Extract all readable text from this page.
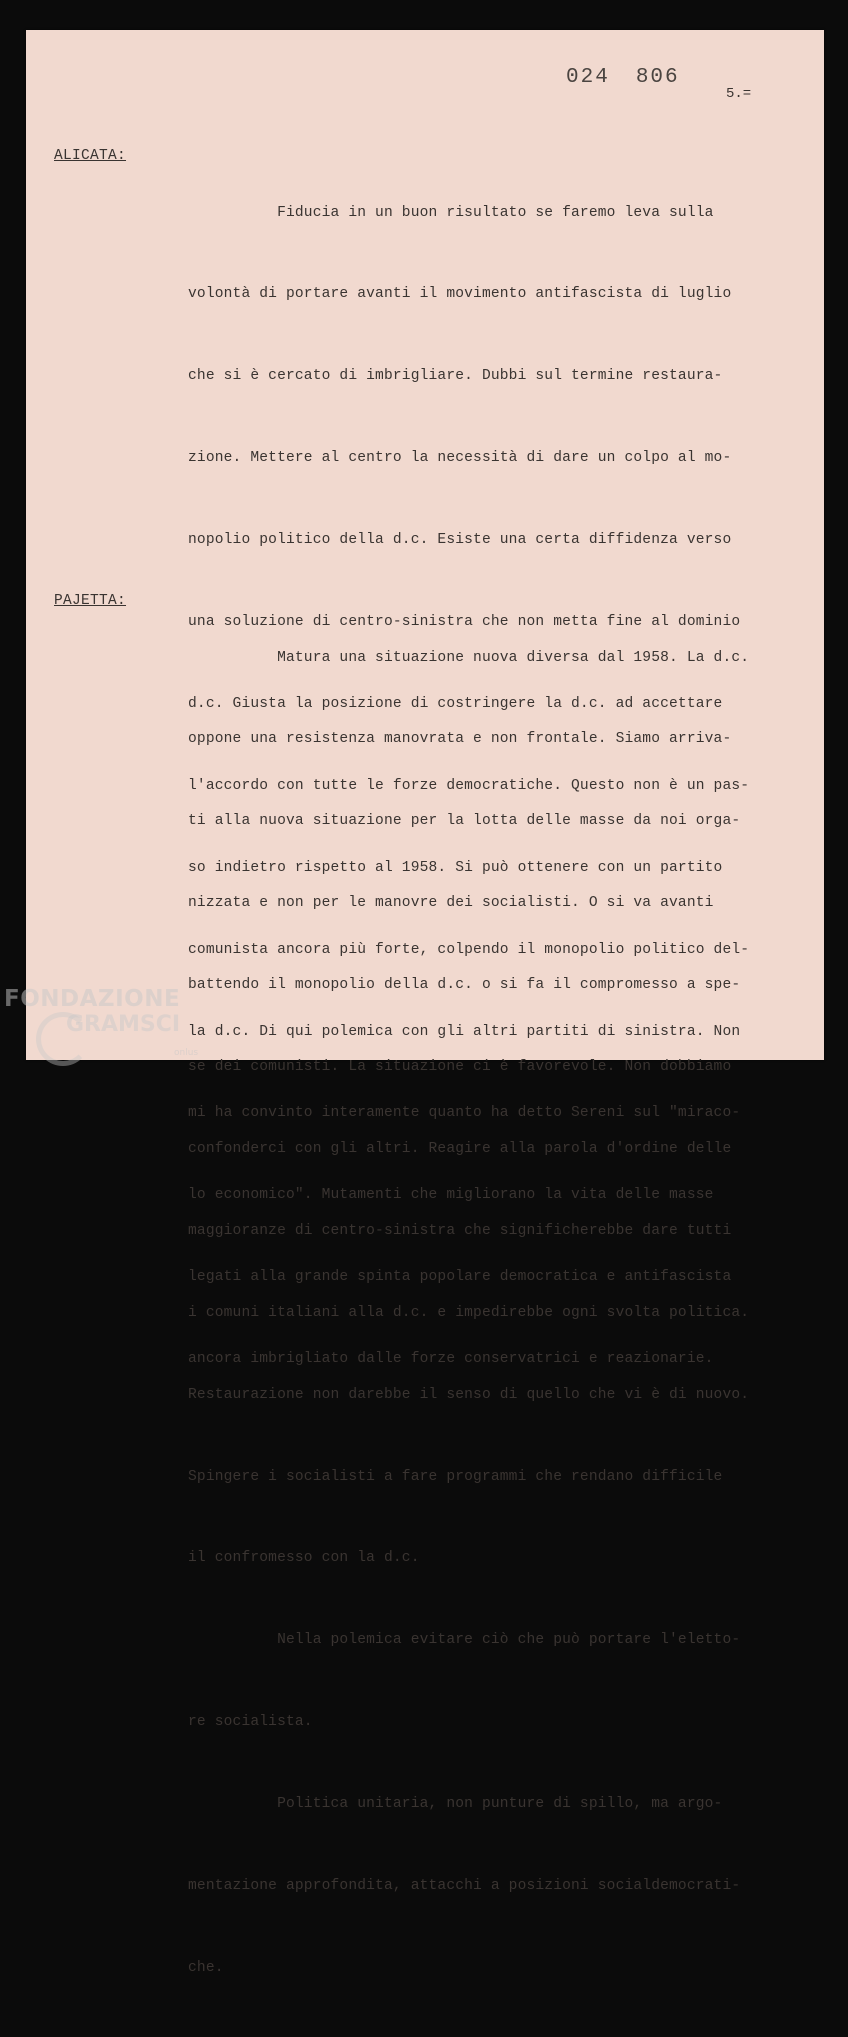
024 806
5.=
ALICATA:

Fiducia in un buon risultato se faremo leva sulla

volontà di portare avanti il movimento antifascista di luglio

che si è cercato di imbrigliare. Dubbi sul termine restaura-

zione. Mettere al centro la necessità di dare un colpo al mo-

nopolio politico della d.c. Esiste una certa diffidenza verso

una soluzione di centro-sinistra che non metta fine al dominio

d.c. Giusta la posizione di costringere la d.c. ad accettare

l'accordo con tutte le forze democratiche. Questo non è un pas-

so indietro rispetto al 1958. Si può ottenere con un partito

comunista ancora più forte, colpendo il monopolio politico del-

la d.c. Di qui polemica con gli altri partiti di sinistra. Non

mi ha convinto interamente quanto ha detto Sereni sul "miraco-

lo economico". Mutamenti che migliorano la vita delle masse

legati alla grande spinta popolare democratica e antifascista

ancora imbrigliato dalle forze conservatrici e reazionarie.

PAJETTA:

Matura una situazione nuova diversa dal 1958. La d.c.

oppone una resistenza manovrata e non frontale. Siamo arriva-

ti alla nuova situazione per la lotta delle masse da noi orga-

nizzata e non per le manovre dei socialisti. O si va avanti

battendo il monopolio della d.c. o si fa il compromesso a spe-

se dei comunisti. La situazione ci è favorevole. Non dobbiamo

confonderci con gli altri. Reagire alla parola d'ordine delle

maggioranze di centro-sinistra che significherebbe dare tutti

i comuni italiani alla d.c. e impedirebbe ogni svolta politica.

Restaurazione non darebbe il senso di quello che vi è di nuovo.

Spingere i socialisti a fare programmi che rendano difficile

il confromesso con la d.c.

Nella polemica evitare ciò che può portare l'eletto-

re socialista.

Politica unitaria, non punture di spillo, ma argo-

mentazione approfondita, attacchi a posizioni socialdemocrati-

che.

FONDAZIONE
GRAMSCI
onlus
